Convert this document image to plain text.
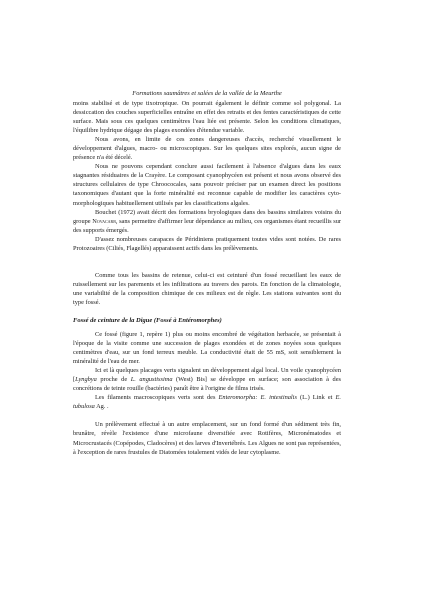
Formations saumâtres et salées de la vallée de la Meurthe

moins stabilisé et de type tixotropique. On pourrait également le définir comme sol polygonal. La dessiccation des couches superficielles entraîne en effet des retraits et des fentes caractéristiques de cette surface. Mais sous ces quelques centimètres l'eau liée est présente. Selon les conditions climatiques, l'équilibre hydrique dégage des plages exondées d'étendue variable.

Nous avons, en limite de ces zones dangereuses d'accès, recherché visuellement le développement d'algues, macro- ou microscopiques. Sur les quelques sites explorés, aucun signe de présence n'a été décelé.

Nous ne pouvons cependant conclure aussi facilement à l'absence d'algues dans les eaux stagnantes résiduaires de la Crayère. Le composant cyanophycéen est présent et nous avons observé des structures cellulaires de type Chroococales, sans pouvoir préciser par un examen direct les positions taxonomiques d'autant que la forte minéralité est reconnue capable de modifier les caractères cyto-morphologiques habituellement utilisés par les classifications algales.

Bouchet (1972) avait décrit des formations bryologiques dans des bassins similaires voisins du groupe Novacarb, sans permettre d'affirmer leur dépendance au milieu, ces organismes étant recueillis sur des supports émergés.

D'assez nombreuses carapaces de Péridiniens pratiquement toutes vides sont notées. De rares Protozoaires (Ciliés, Flagellés) apparaissent actifs dans les prélèvements.

Comme tous les bassins de retenue, celui-ci est ceinturé d'un fossé recueillant les eaux de ruissellement sur les parements et les infiltrations au travers des parois. En fonction de la climatologie, une variabilité de la composition chimique de ces milieux est de règle. Les stations suivantes sont du type fossé.

Fossé de ceinture de la Digue (Fossé à Entéromorphes)

Ce fossé (figure 1, repère 1) plus ou moins encombré de végétation herbacée, se présentait à l'époque de la visite comme une succession de plages exondées et de zones noyées sous quelques centimètres d'eau, sur un fond terreux meuble. La conductivité était de 55 mS, soit sensiblement la minéralité de l'eau de mer.

Ici et là quelques placages verts signalent un développement algal local. Un voile cyanophycéen [Lyngbya proche de L. angustissima (West) Bis] se développe en surface; son association à des concrétions de teinte rouille (bactéries) paraît être à l'origine de films irisés.

Les filaments macroscopiques verts sont des Enteromorpha: E. intestinalis (L.) Link et E. tubulosa Ag. .

Un prélèvement effectué à un autre emplacement, sur un fond formé d'un sédiment très fin, brunâtre, révèle l'existence d'une microfaune diversifiée avec Rotifères, Micronématodes et Microcrustacés (Copépodes, Cladocères) et des larves d'Invertébrés. Les Algues ne sont pas représentées, à l'exception de rares frustules de Diatomées totalement vidés de leur cytoplasme.
